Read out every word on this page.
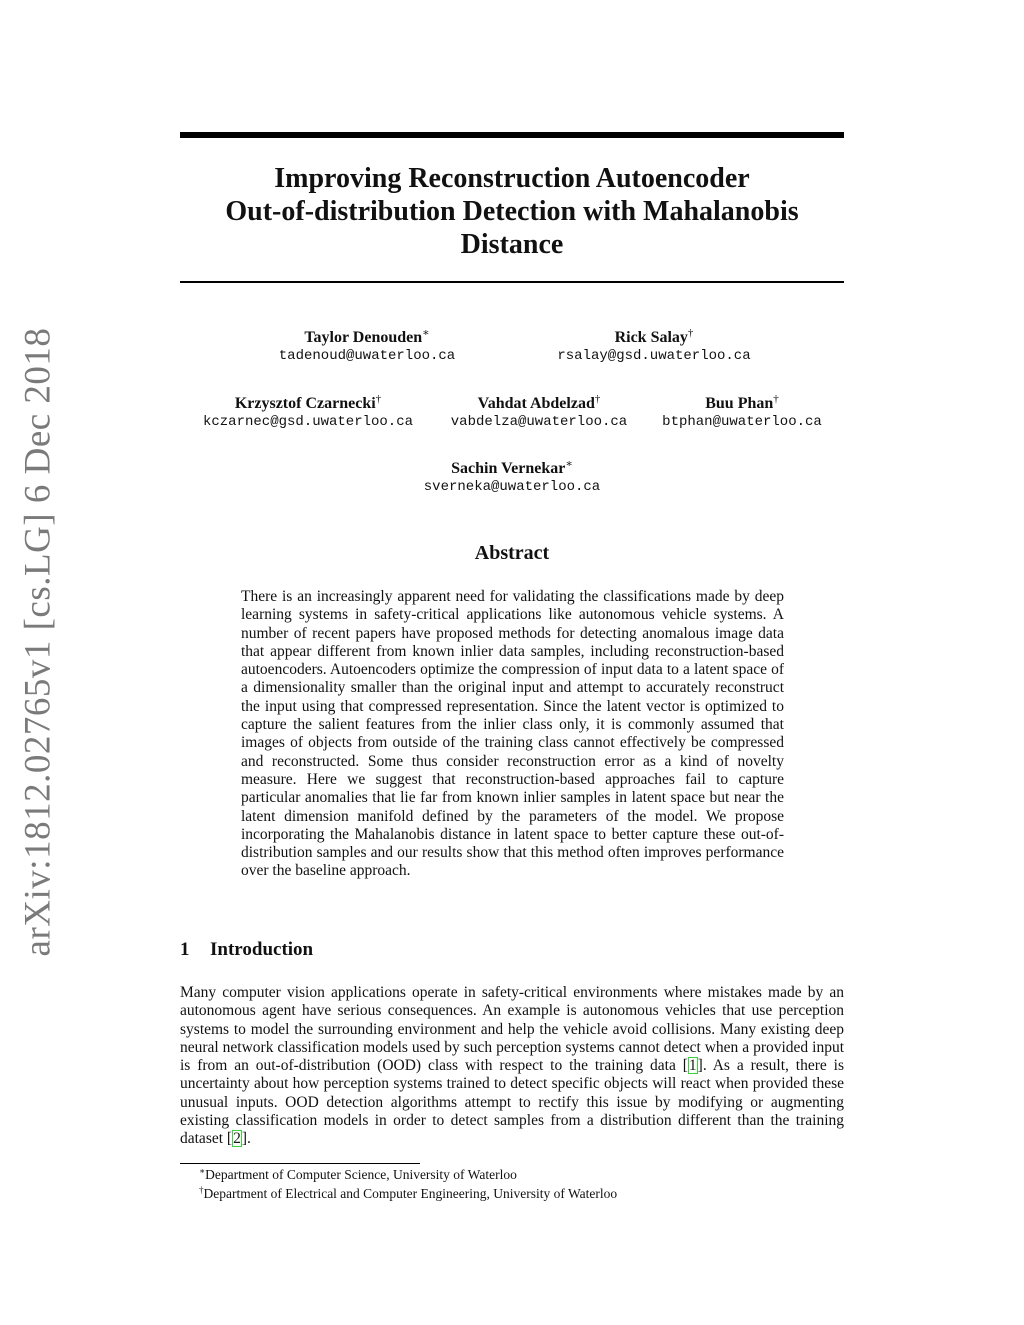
arXiv:1812.02765v1 [cs.LG] 6 Dec 2018
Improving Reconstruction Autoencoder
Out-of-distribution Detection with Mahalanobis
Distance
Taylor Denouden∗
tadenoud@uwaterloo.ca
Rick Salay†
rsalay@gsd.uwaterloo.ca
Krzysztof Czarnecki†
kczarnec@gsd.uwaterloo.ca
Vahdat Abdelzad†
vabdelza@uwaterloo.ca
Buu Phan†
btphan@uwaterloo.ca
Sachin Vernekar∗
sverneka@uwaterloo.ca
Abstract
There is an increasingly apparent need for validating the classifications made by deep learning systems in safety-critical applications like autonomous vehicle systems. A number of recent papers have proposed methods for detecting anomalous image data that appear different from known inlier data samples, including reconstruction-based autoencoders. Autoencoders optimize the compression of input data to a latent space of a dimensionality smaller than the original input and attempt to accurately reconstruct the input using that compressed representation. Since the latent vector is optimized to capture the salient features from the inlier class only, it is commonly assumed that images of objects from outside of the training class cannot effectively be compressed and reconstructed. Some thus consider reconstruction error as a kind of novelty measure. Here we suggest that reconstruction-based approaches fail to capture particular anomalies that lie far from known inlier samples in latent space but near the latent dimension manifold defined by the parameters of the model. We propose incorporating the Mahalanobis distance in latent space to better capture these out-of-distribution samples and our results show that this method often improves performance over the baseline approach.
1 Introduction
Many computer vision applications operate in safety-critical environments where mistakes made by an autonomous agent have serious consequences. An example is autonomous vehicles that use perception systems to model the surrounding environment and help the vehicle avoid collisions. Many existing deep neural network classification models used by such perception systems cannot detect when a provided input is from an out-of-distribution (OOD) class with respect to the training data [1]. As a result, there is uncertainty about how perception systems trained to detect specific objects will react when provided these unusual inputs. OOD detection algorithms attempt to rectify this issue by modifying or augmenting existing classification models in order to detect samples from a distribution different than the training dataset [2].
∗Department of Computer Science, University of Waterloo
†Department of Electrical and Computer Engineering, University of Waterloo
